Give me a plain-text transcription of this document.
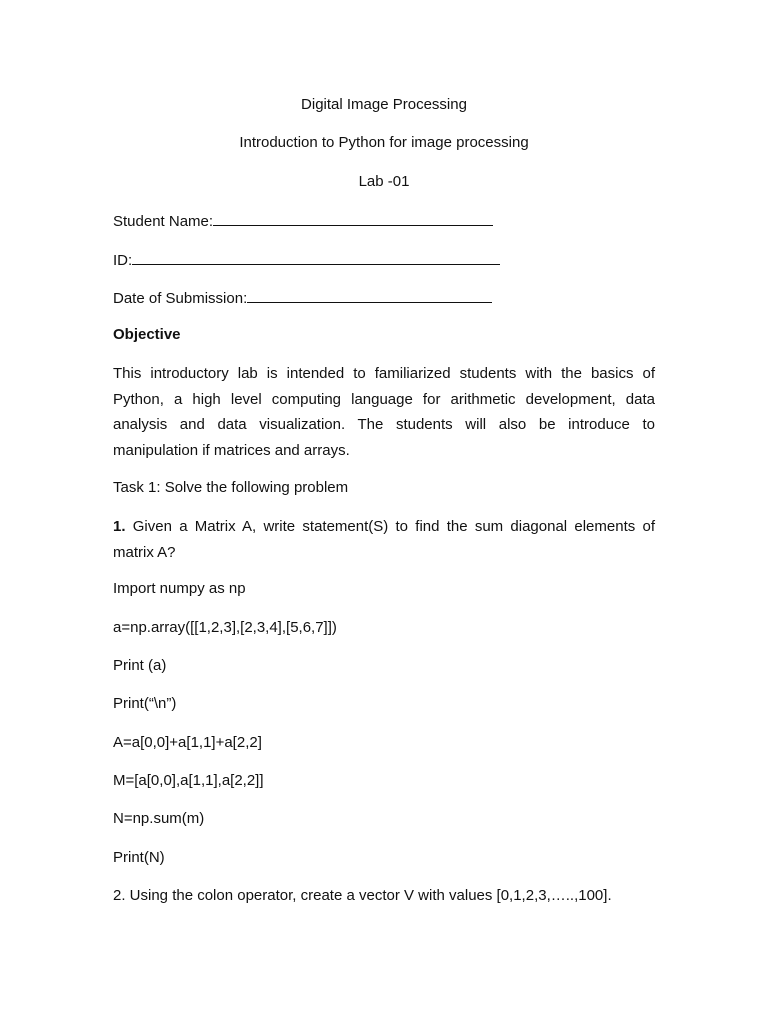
Digital Image Processing
Introduction to Python for image processing
Lab -01
Student Name:
ID:
Date of Submission:
Objective
This introductory lab is intended to familiarized students with the basics of Python, a high level computing language for arithmetic development, data analysis and data visualization. The students will also be introduce to manipulation if matrices and arrays.
Task 1: Solve the following problem
1. Given a Matrix A, write statement(S) to find the sum diagonal elements of matrix A?
Import numpy as np
a=np.array([[1,2,3],[2,3,4],[5,6,7]])
Print (a)
Print(“\n”)
A=a[0,0]+a[1,1]+a[2,2]
M=[a[0,0],a[1,1],a[2,2]]
N=np.sum(m)
Print(N)
2. Using the colon operator, create a vector V with values [0,1,2,3,…..,100].
